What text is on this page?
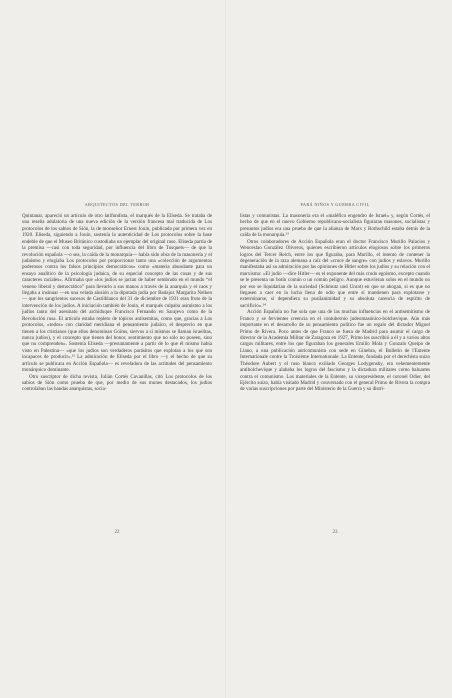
ARQUITECTOS DEL TERROR

Quintanar, apareció un artículo de otro latifundista, el marqués de la Eliseda. Se trataba de una reseña adulatoria de una nueva edición de la versión francesa mal traducida de Los protocolos de los sabios de Sión, la de monseñor Ernest Jouin, publicada por primera vez en 1920. Eliseda, siguiendo a Jouin, sostenía la autenticidad de Los protocolos sobre la base endeble de que el Museo Británico custodiaba un ejemplar del original ruso. Eliseda partía de la premisa —casi con toda seguridad, por influencia del libro de Tusquets— de que la revolución española —o sea, la caída de la monarquía— había sido obra de la masonería y el judaísmo y elogiaba Los protocolos por proporcionar tanto una «colección de argumentos poderosos contra los falsos principios democráticos» como «materia abundante para un ensayo analítico de la psicología judaica, de su especial concepto de las cosas y de sus caracteres raciales». Afirmaba que «los judíos se jactan de haber sembrado en el mundo “el veneno liberal y democrático” para llevarlo a sus manos a través de la anarquía y el caos y llegaba a insinuar —en una velada alusión a la diputada judía por Badajoz Margarita Nelken— que los sangrientos sucesos de Castilblanco del 31 de diciembre de 1931 eran fruto de la intervención de los judíos. A iniciación también de Jouin, el marqués culpaba asimismo a los judíos tanto del asesinato del archiduque Francisco Fernando en Sarajevo como de la Revolución rusa. El artículo estaba repleto de tópicos antisemitas, como que, gracias a Los protocolos, «todos» con claridad meridiana el pensamiento judaico, el desprecio en que tienen a los cristianos (que ellos denominan Goïms, siervos a sí mismos se llaman israelitas, nunca judíos), y el concepto que tienen del honor, sentimiento que no sólo no poseen, sino que no comprenden». Sostenía Eliseda —presuntamente a partir de lo que él mismo había visto en Palestina— «que los judíos son verdaderos parásitos que explotan a los que son incapaces de producir».¹² La admiración de Eliseda por el libro —y el hecho de que su artículo se publicara en Acción Española— es reveladora de las actitudes del pensamiento monárquico dominante.

Otro suscriptor de dicha revista, Julián Cortés Cavanillas, citó Los protocolos de los sabios de Sión como prueba de que, por medio de sus mones destacados, los judíos controlaban las bandas anarquistas, socia-

22

PARÁ NIÑOS Y GUERRA CIVIL

listas y comunistas. La masonería era el «maléfico engendro de Israel» y, según Cortés, el hecho de que en el nuevo Gobierno republicano-socialista figuraran masones, socialistas y presuntos judíos era una prueba de que la alianza de Marx y Rothschild estaba detrás de la caída de la monarquía.¹³

Otros colaboradores de Acción Española eran el doctor Francisco Murillo Palacios y Wenceslao González Oliveros, quienes escribieron artículos elogiosos sobre los primeros logros del Tercer Reich, entre los que figuraba, para Murillo, el intento de contener la degeneración de la raza alemana a raíz del «cruce de sangre» con judíos y eslavos. Murillo manifestaba así su admiración por las opiniones de Hitler sobre los judíos y su relación con el marxismo: «El judío —dice Hitler— es el exponente del más crudo egoísmo, excepto cuando se le presenta un botín común o un común peligro. Aunque estuvieran solos en el mundo no por eso se liquidarían de la suciedad (Schmutz und Unrat) en que se ahogan, si es que no llegasen a caer en la lucha llena de odio que entre sí mantienen para explotarse y exterminarse, si dependiera su pusilanimidad y su absoluta carencia de espíritu de sacrificio».¹⁴

Acción Española no fue sola que una de las muchas influencias en el antisemitismo de Franco y se fervientes creencia en el contubernio judeomasónico-bolchevique. Aún más importante en el desarrollo de su pensamiento político fue un regalo del dictador Miguel Primo de Rivera. Poco antes de que Franco se fuera de Madrid para asumir el cargo de director de la Academia Militar de Zaragoza en 1927, Primo les suscribió a él y a varios altos cargos militares, entre los que figuraban los generales Emilio Mola y Gonzalo Queipo de Llano, a una publicación anticomunista con sede en Ginebra, el Bulletin de l'Entente Internationale contre la Troisième Internationale. La Entente, fundada por el derechista suizo Théodore Aubert y el ruso blanco exiliado Georges Lodygensky, era vehementemente antibolchevique y alababa los logros del fascismo y la dictadura militares como baluartes contra el comunismo. Los materiales de la Entente, su vicepresidente, el coronel Odier, del Ejército suizo, había visitado Madrid y conversado con el general Primo de Rivera la compra de varias suscripciones por parte del Ministerio de la Guerra y su distri-

23
